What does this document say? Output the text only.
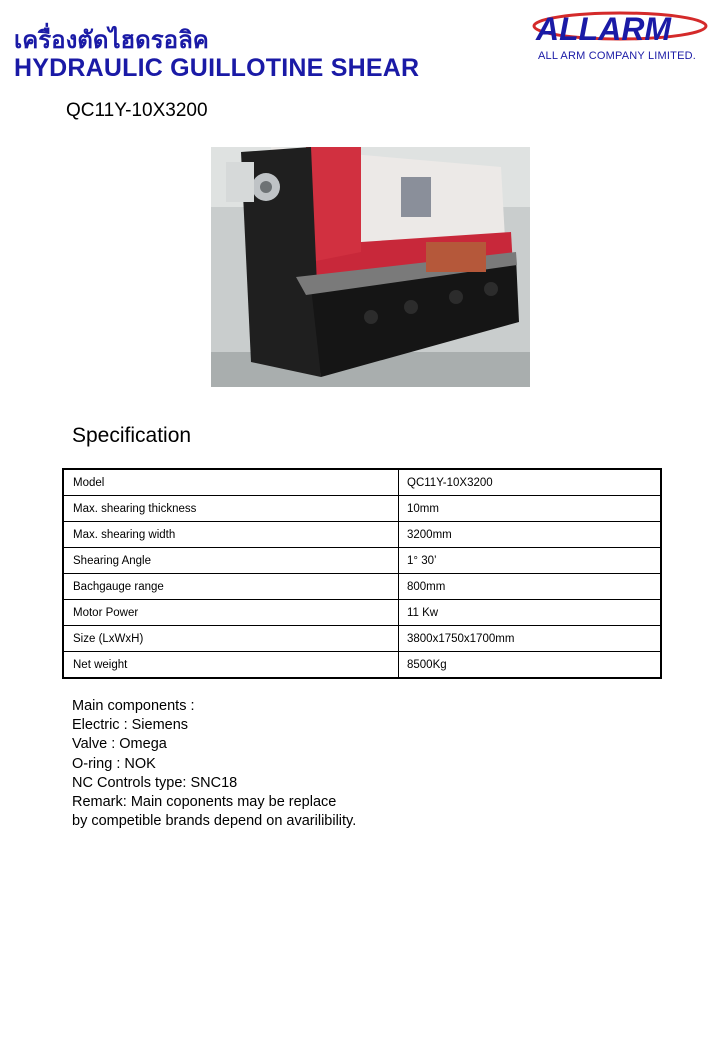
เครื่องตัดไฮดรอลิค
HYDRAULIC GUILLOTINE SHEAR
QC11Y-10X3200
ALLARM
ALL ARM COMPANY LIMITED.
Specification
Model	QC11Y-10X3200
Max. shearing thickness	10mm
Max. shearing width	3200mm
Shearing Angle	1° 30’
Bachgauge range	800mm
Motor Power	11 Kw
Size (LxWxH)	3800x1750x1700mm
Net weight	8500Kg
Main components :
Electric : Siemens
Valve : Omega
O-ring : NOK
NC Controls type: SNC18
Remark: Main coponents may be replace
by competible brands depend on avarilibility.
